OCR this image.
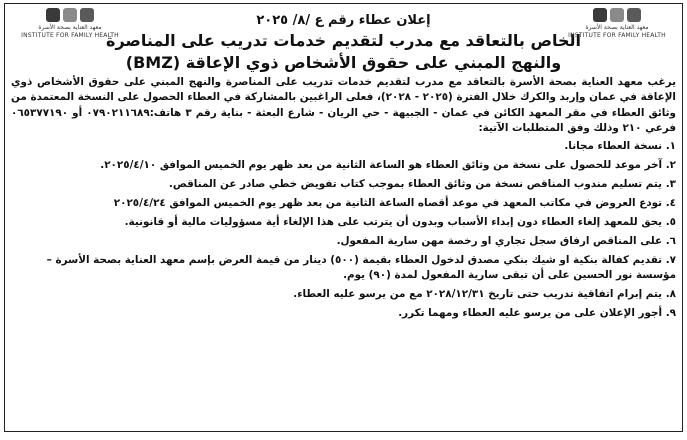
معهد العناية بصحة الأسرة
INSTITUTE FOR FAMILY HEALTH
معهد العناية بصحة الأسرة
INSTITUTE FOR FAMILY HEALTH
إعلان عطاء رقم ع /٨/ ٢٠٢٥
الخاص بالتعاقد مع مدرب لتقديم خدمات تدريب على المناصرة
والنهج المبني على حقوق الأشخاص ذوي الإعاقة (BMZ)

يرغب معهد العناية بصحة الأسرة بالتعاقد مع مدرب لتقديم خدمات تدريب على المناصرة والنهج المبني على حقوق الأشخاص ذوي الإعاقة في عمان وإربد والكرك خلال الفترة (٢٠٢٥ - ٢٠٢٨)، فعلى الراغبين بالمشاركة في العطاء الحصول على النسخة المعتمدة من وثائق العطاء في مقر المعهد الكائن في عمان - الجبيهة - حي الريان - شارع البعثة - بناية رقم ٣ هاتف:٠٧٩٠٢١١٦٨٩ أو ٠٦٥٣٧٧١٩٠ فرعي ٢١٠ وذلك وفق المتطلبات الآتية:

١. نسخة العطاء مجانا.
٢. آخر موعد للحصول على نسخة من وثائق العطاء هو الساعة الثانية من بعد ظهر يوم الخميس الموافق ٢٠٢٥/٤/١٠.
٣. يتم تسليم مندوب المناقص نسخة من وثائق العطاء بموجب كتاب تفويض خطي صادر عن المناقص.
٤. تودع العروض في مكاتب المعهد في موعد أقصاه الساعة الثانية من بعد ظهر يوم الخميس الموافق ٢٠٢٥/٤/٢٤
٥. يحق للمعهد إلغاء العطاء دون إبداء الأسباب وبدون أن يترتب على هذا الإلغاء أية مسؤوليات مالية أو قانونية.
٦. على المناقص ارفاق سجل تجاري او رخصة مهن سارية المفعول.
٧. تقديم كفالة بنكية او شيك بنكي مصدق لدخول العطاء بقيمة (٥٠٠) دينار من قيمة العرض بإسم معهد العناية بصحة الأسرة – مؤسسة نور الحسين على أن تبقى سارية المفعول لمدة (٩٠) يوم.
٨. يتم إبرام اتفاقية تدريب حتى تاريخ ٢٠٢٨/١٢/٣١ مع من يرسو عليه العطاء.
٩. أجور الإعلان على من يرسو عليه العطاء ومهما تكرر.
